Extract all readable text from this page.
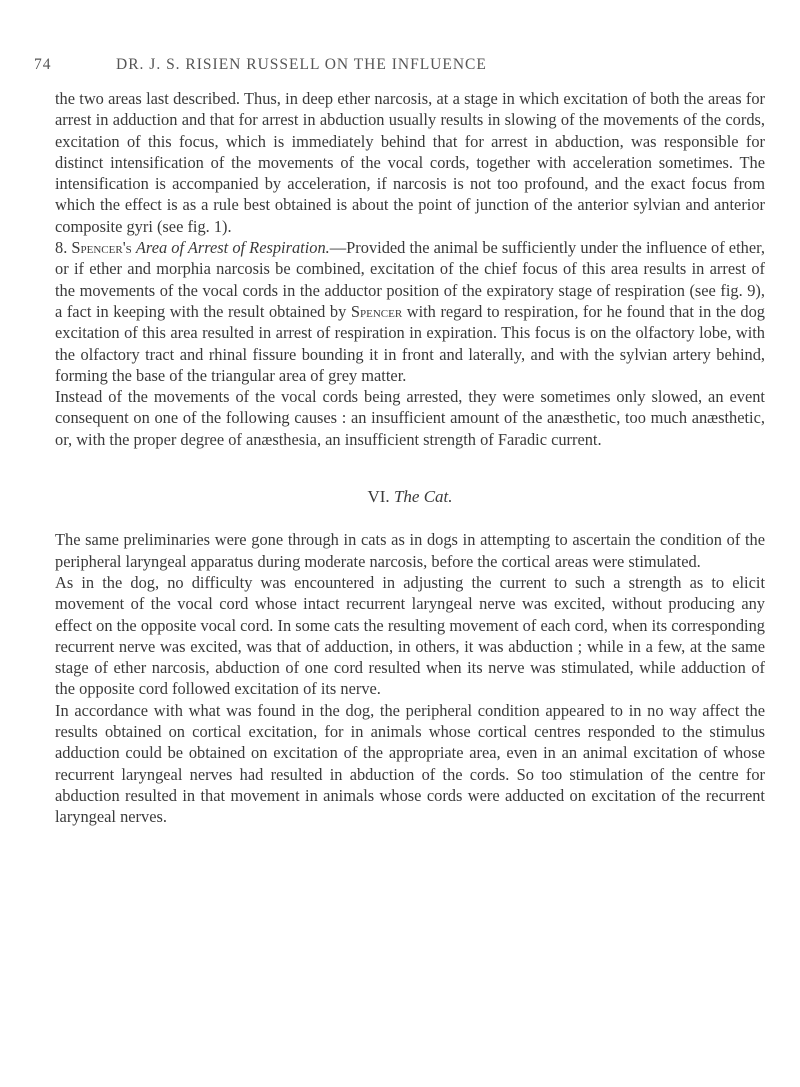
74	DR. J. S. RISIEN RUSSELL ON THE INFLUENCE

the two areas last described. Thus, in deep ether narcosis, at a stage in which excitation of both the areas for arrest in adduction and that for arrest in abduction usually results in slowing of the movements of the cords, excitation of this focus, which is immediately behind that for arrest in abduction, was responsible for distinct intensification of the movements of the vocal cords, together with acceleration sometimes. The intensification is accompanied by acceleration, if narcosis is not too profound, and the exact focus from which the effect is as a rule best obtained is about the point of junction of the anterior sylvian and anterior composite gyri (see fig. 1).

8. Spencer's Area of Arrest of Respiration.—Provided the animal be sufficiently under the influence of ether, or if ether and morphia narcosis be combined, excitation of the chief focus of this area results in arrest of the movements of the vocal cords in the adductor position of the expiratory stage of respiration (see fig. 9), a fact in keeping with the result obtained by Spencer with regard to respiration, for he found that in the dog excitation of this area resulted in arrest of respiration in expiration. This focus is on the olfactory lobe, with the olfactory tract and rhinal fissure bounding it in front and laterally, and with the sylvian artery behind, forming the base of the triangular area of grey matter.

Instead of the movements of the vocal cords being arrested, they were sometimes only slowed, an event consequent on one of the following causes : an insufficient amount of the anæsthetic, too much anæsthetic, or, with the proper degree of anæsthesia, an insufficient strength of Faradic current.

VI. The Cat.

The same preliminaries were gone through in cats as in dogs in attempting to ascertain the condition of the peripheral laryngeal apparatus during moderate narcosis, before the cortical areas were stimulated.

As in the dog, no difficulty was encountered in adjusting the current to such a strength as to elicit movement of the vocal cord whose intact recurrent laryngeal nerve was excited, without producing any effect on the opposite vocal cord. In some cats the resulting movement of each cord, when its corresponding recurrent nerve was excited, was that of adduction, in others, it was abduction ; while in a few, at the same stage of ether narcosis, abduction of one cord resulted when its nerve was stimulated, while adduction of the opposite cord followed excitation of its nerve.

In accordance with what was found in the dog, the peripheral condition appeared to in no way affect the results obtained on cortical excitation, for in animals whose cortical centres responded to the stimulus adduction could be obtained on excitation of the appropriate area, even in an animal excitation of whose recurrent laryngeal nerves had resulted in abduction of the cords. So too stimulation of the centre for abduction resulted in that movement in animals whose cords were adducted on excitation of the recurrent laryngeal nerves.
